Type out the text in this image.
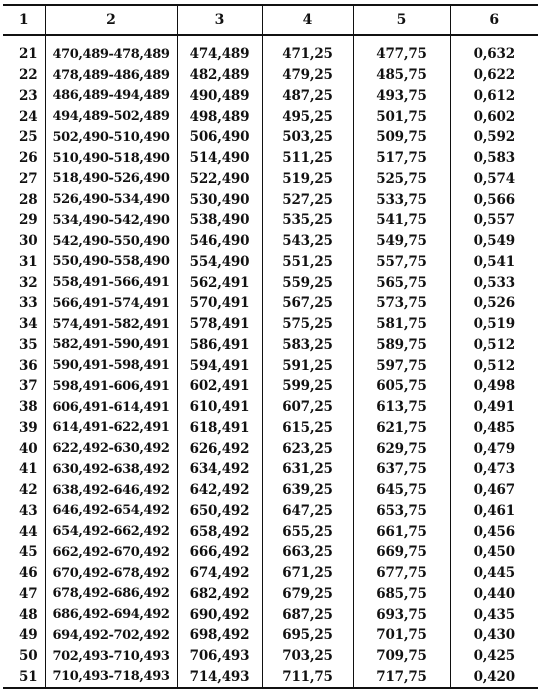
1	2	3	4	5	6
21	470,489-478,489	474,489	471,25	477,75	0,632
22	478,489-486,489	482,489	479,25	485,75	0,622
23	486,489-494,489	490,489	487,25	493,75	0,612
24	494,489-502,489	498,489	495,25	501,75	0,602
25	502,490-510,490	506,490	503,25	509,75	0,592
26	510,490-518,490	514,490	511,25	517,75	0,583
27	518,490-526,490	522,490	519,25	525,75	0,574
28	526,490-534,490	530,490	527,25	533,75	0,566
29	534,490-542,490	538,490	535,25	541,75	0,557
30	542,490-550,490	546,490	543,25	549,75	0,549
31	550,490-558,490	554,490	551,25	557,75	0,541
32	558,491-566,491	562,491	559,25	565,75	0,533
33	566,491-574,491	570,491	567,25	573,75	0,526
34	574,491-582,491	578,491	575,25	581,75	0,519
35	582,491-590,491	586,491	583,25	589,75	0,512
36	590,491-598,491	594,491	591,25	597,75	0,512
37	598,491-606,491	602,491	599,25	605,75	0,498
38	606,491-614,491	610,491	607,25	613,75	0,491
39	614,491-622,491	618,491	615,25	621,75	0,485
40	622,492-630,492	626,492	623,25	629,75	0,479
41	630,492-638,492	634,492	631,25	637,75	0,473
42	638,492-646,492	642,492	639,25	645,75	0,467
43	646,492-654,492	650,492	647,25	653,75	0,461
44	654,492-662,492	658,492	655,25	661,75	0,456
45	662,492-670,492	666,492	663,25	669,75	0,450
46	670,492-678,492	674,492	671,25	677,75	0,445
47	678,492-686,492	682,492	679,25	685,75	0,440
48	686,492-694,492	690,492	687,25	693,75	0,435
49	694,492-702,492	698,492	695,25	701,75	0,430
50	702,493-710,493	706,493	703,25	709,75	0,425
51	710,493-718,493	714,493	711,75	717,75	0,420
